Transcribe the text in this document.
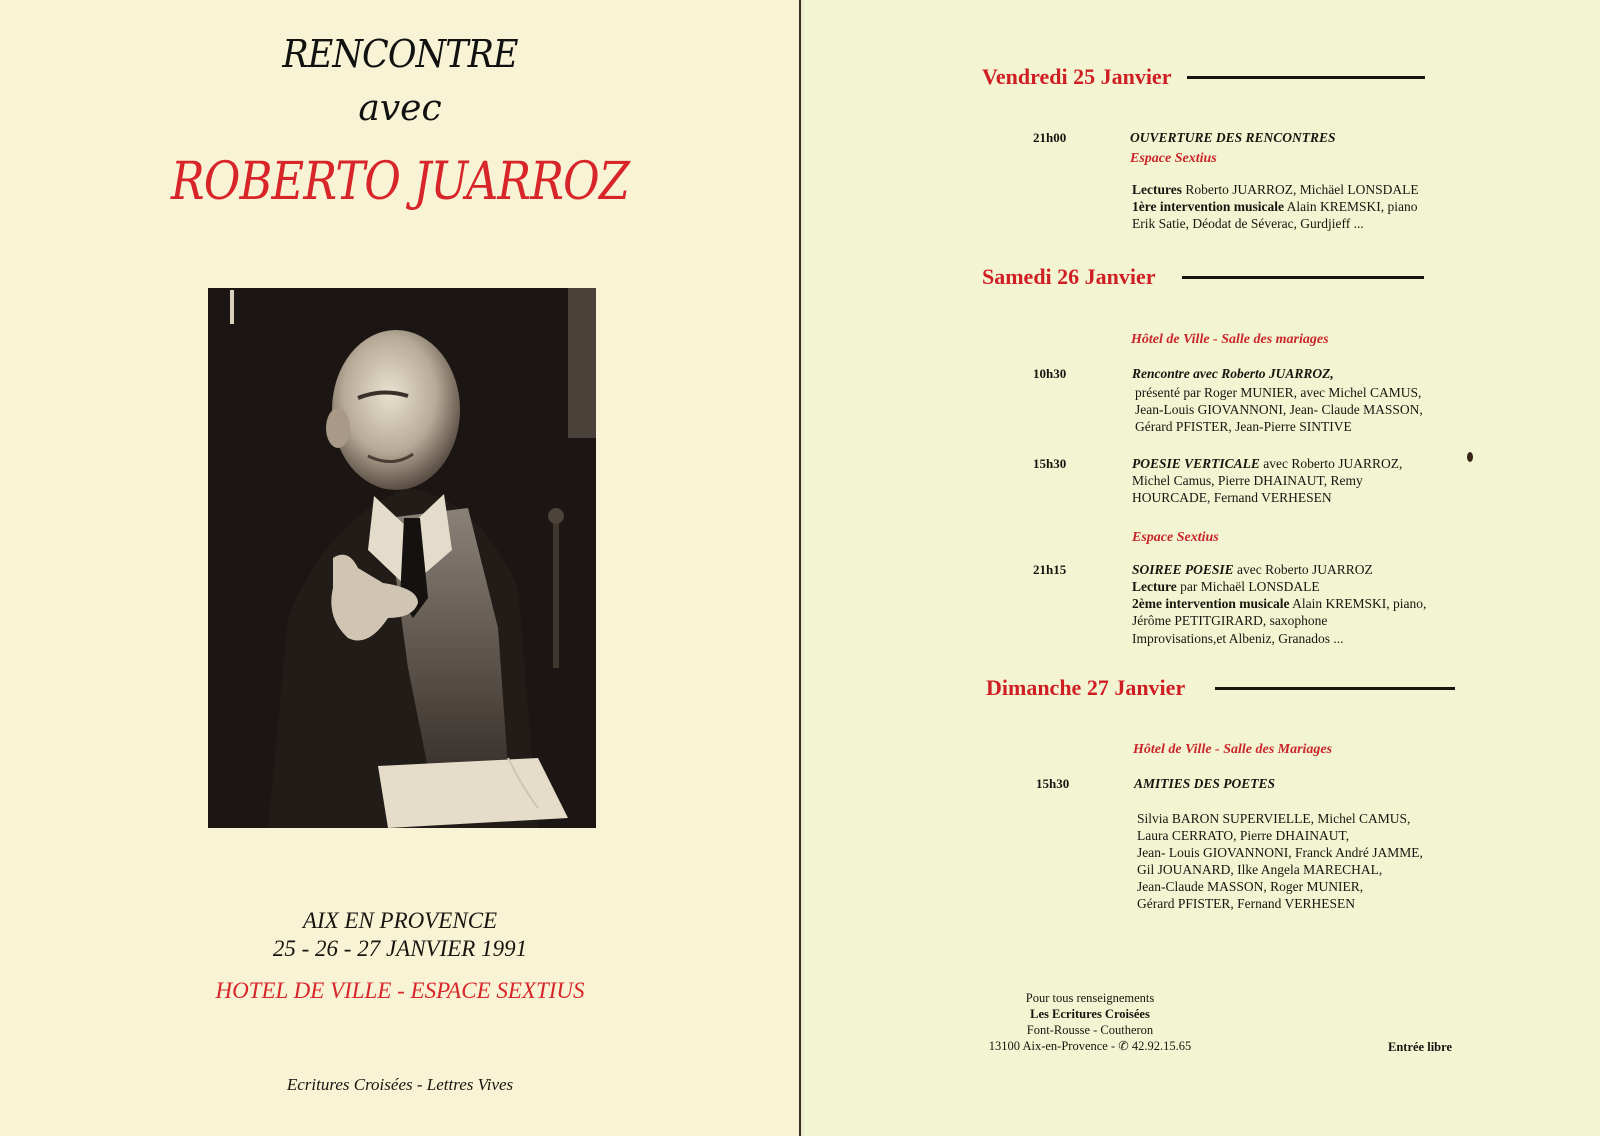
RENCONTRE
avec
ROBERTO JUARROZ
AIX EN PROVENCE
25 - 26 - 27 JANVIER 1991
HOTEL DE VILLE - ESPACE SEXTIUS
Ecritures Croisées - Lettres Vives
Vendredi 25 Janvier
21h00	OUVERTURE DES RENCONTRES
Espace Sextius
Lectures Roberto JUARROZ, Michäel LONSDALE
1ère intervention musicale Alain KREMSKI, piano
Erik Satie, Déodat de Séverac, Gurdjieff ...
Samedi 26 Janvier
Hôtel de Ville - Salle des mariages
10h30	Rencontre avec Roberto JUARROZ,
présenté par Roger MUNIER, avec Michel CAMUS,
Jean-Louis GIOVANNONI, Jean- Claude MASSON,
Gérard PFISTER, Jean-Pierre SINTIVE
15h30	POESIE VERTICALE avec Roberto JUARROZ,
Michel Camus, Pierre DHAINAUT, Remy
HOURCADE, Fernand VERHESEN
Espace Sextius
21h15	SOIREE POESIE avec Roberto JUARROZ
Lecture par Michaël LONSDALE
2ème intervention musicale Alain KREMSKI, piano,
Jérôme PETITGIRARD, saxophone
Improvisations,et Albeniz, Granados ...
Dimanche 27 Janvier
Hôtel de Ville - Salle des Mariages
15h30	AMITIES DES POETES
Silvia BARON SUPERVIELLE, Michel CAMUS,
Laura CERRATO, Pierre DHAINAUT,
Jean- Louis GIOVANNONI, Franck André JAMME,
Gil JOUANARD, Ilke Angela MARECHAL,
Jean-Claude MASSON, Roger MUNIER,
Gérard PFISTER, Fernand VERHESEN
Pour tous renseignements
Les Ecritures Croisées
Font-Rousse - Coutheron
13100 Aix-en-Provence - ✆ 42.92.15.65	Entrée libre
